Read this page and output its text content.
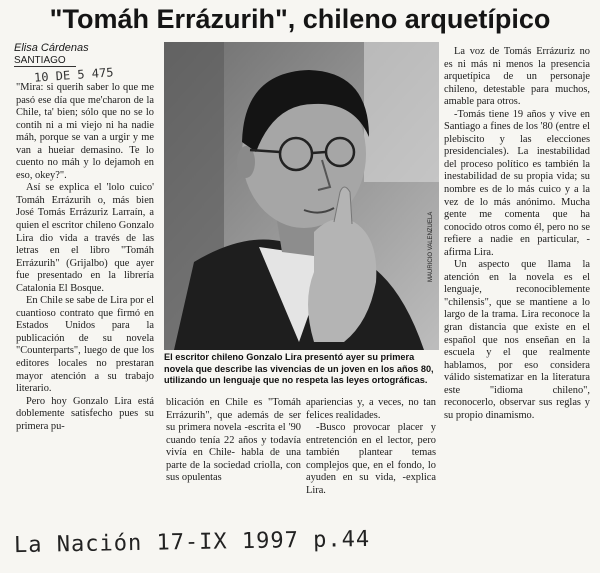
"Tomáh Errázurih", chileno arquetípico
Elisa Cárdenas
SANTIAGO
10 DE 5 475

"Mira: si querih saber lo que me pasó ese día que me'charon de la Chile, ta' bien; sólo que no se lo contih ni a mi viejo ni ha nadie máh, porque se van a urgir y me van a hueiar demasino. Te lo cuento no máh y lo dejamoh en eso, okey?".

Así se explica el 'lolo cuico' Tomáh Errázurih o, más bien José Tomás Errázuriz Larraín, a quien el escritor chileno Gonzalo Lira dio vida a través de las letras en el libro "Tomáh Errázurih" (Grijalbo) que ayer fue presentado en la librería Catalonia El Bosque.

En Chile se sabe de Lira por el cuantioso contrato que firmó en Estados Unidos para la publicación de su novela "Counterparts", luego de que los editores locales no prestaran mayor atención a su trabajo literario.

Pero hoy Gonzalo Lira está doblemente satisfecho pues su primera pu-

MAURICIO VALENZUELA
El escritor chileno Gonzalo Lira presentó ayer su primera novela que describe las vivencias de un joven en los años 80, utilizando un lenguaje que no respeta las leyes ortográficas.

blicación en Chile es "Tomáh Errázurih", que además de ser su primera novela -escrita el '90 cuando tenía 22 años y todavía vivía en Chile- habla de una parte de la sociedad criolla, con sus opulentas

apariencias y, a veces, no tan felices realidades.

-Busco provocar placer y entretención en el lector, pero también plantear temas complejos que, en el fondo, lo ayuden en su vida, -explica Lira.

La voz de Tomás Errázuriz no es ni más ni menos la presencia arquetípica de un personaje chileno, detestable para muchos, amable para otros.

-Tomás tiene 19 años y vive en Santiago a fines de los '80 (entre el plebiscito y las elecciones presidenciales). La inestabilidad del proceso político es también la inestabilidad de su propia vida; su nombre es de lo más cuico y a la vez de lo más anónimo. Mucha gente me comenta que ha conocido otros como él, pero no se refiere a nadie en particular, -afirma Lira.

Un aspecto que llama la atención en la novela es el lenguaje, reconociblemente "chilensis", que se mantiene a lo largo de la trama. Lira reconoce la gran distancia que existe en el español que nos enseñan en la escuela y el que realmente hablamos, por eso considera válido sistematizar en la literatura este "idioma chileno", reconocerlo, observar sus reglas y su propio dinamismo.

La Nación 17-IX 1997 p.44
